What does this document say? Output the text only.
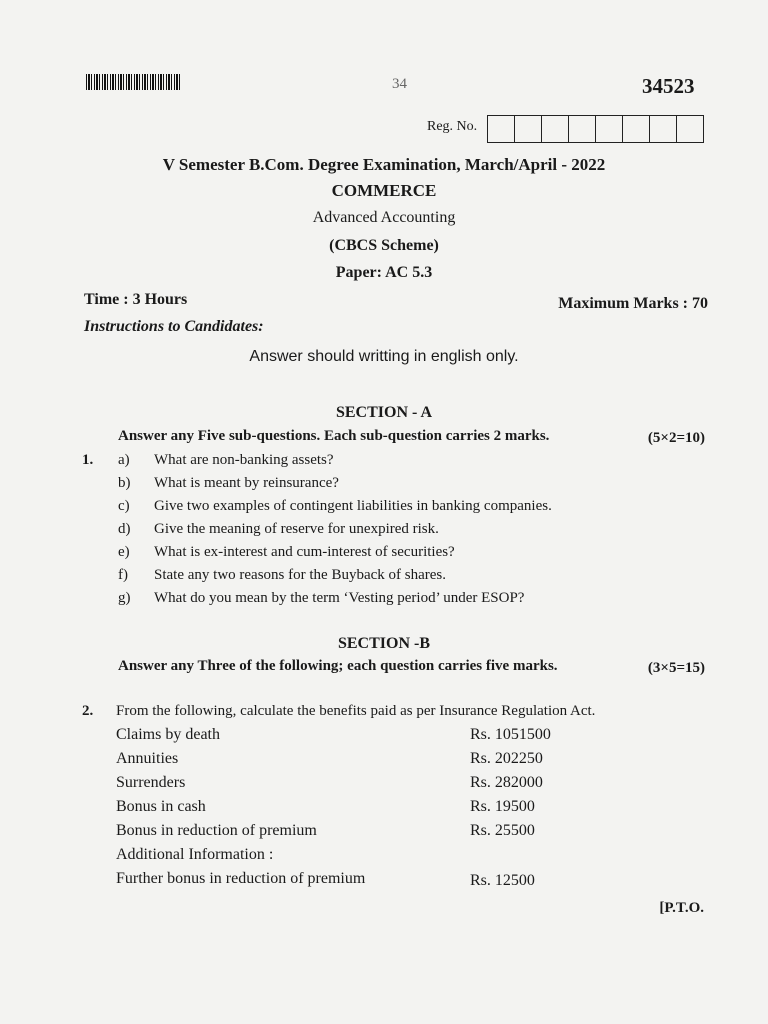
34	34523
Reg. No.
V Semester B.Com. Degree Examination, March/April - 2022
COMMERCE
Advanced Accounting
(CBCS Scheme)
Paper: AC 5.3
Time : 3 Hours	Maximum Marks : 70
Instructions to Candidates:
Answer should writting in english only.
SECTION - A
Answer any Five sub-questions. Each sub-question carries 2 marks.	(5×2=10)
1. a) What are non-banking assets?
b) What is meant by reinsurance?
c) Give two examples of contingent liabilities in banking companies.
d) Give the meaning of reserve for unexpired risk.
e) What is ex-interest and cum-interest of securities?
f) State any two reasons for the Buyback of shares.
g) What do you mean by the term ‘Vesting period’ under ESOP?
SECTION -B
Answer any Three of the following; each question carries five marks.	(3×5=15)
2. From the following, calculate the benefits paid as per Insurance Regulation Act.
Claims by death	Rs. 1051500
Annuities	Rs. 202250
Surrenders	Rs. 282000
Bonus in cash	Rs. 19500
Bonus in reduction of premium	Rs. 25500
Additional Information :
Further bonus in reduction of premium	Rs. 12500
[P.T.O.
